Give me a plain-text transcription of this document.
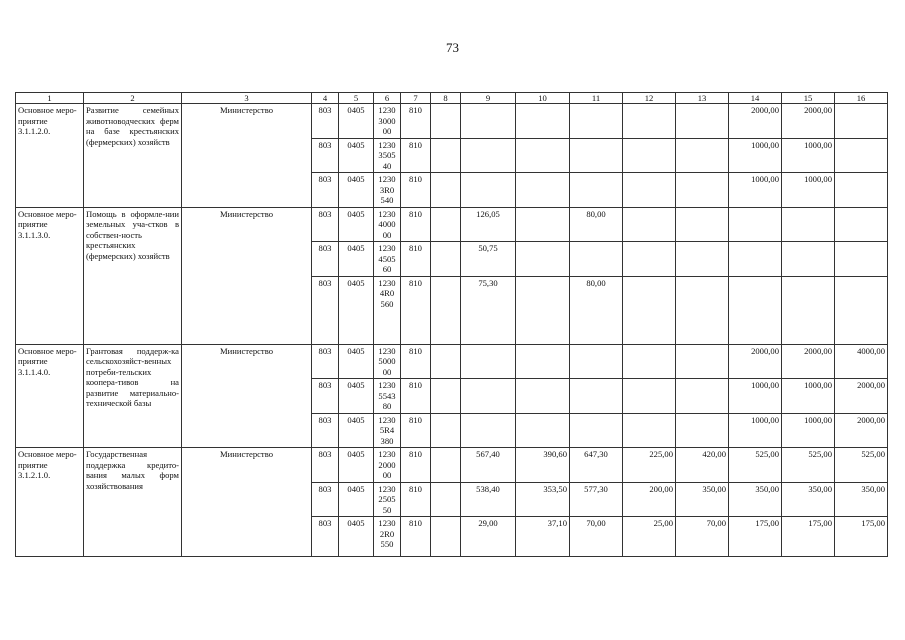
73
1	2	3	4	5	6	7	8	9	10	11	12	13	14	15	16
Основное меро-приятие 3.1.1.2.0.	Развитие семейных животноводческих ферм на базе крестьянских (фермерских) хозяйств	Министерство	803	0405	1230 3000 00	810							2000,00	2000,00	
			803	0405	1230 3505 40	810							1000,00	1000,00	
			803	0405	1230 3R0 540	810							1000,00	1000,00	
Основное меро-приятие 3.1.1.3.0.	Помощь в оформле-нии земельных уча-стков в собствен-ность крестьянских (фермерских) хозяйств	Министерство	803	0405	1230 4000 00	810		126,05		80,00					
			803	0405	1230 4505 60	810		50,75							
			803	0405	1230 4R0 560	810		75,30		80,00					
Основное меро-приятие 3.1.1.4.0.	Грантовая поддерж-ка сельскохозяйст-венных потреби-тельских коопера-тивов на развитие материально-технической базы	Министерство	803	0405	1230 5000 00	810							2000,00	2000,00	4000,00
			803	0405	1230 5543 80	810							1000,00	1000,00	2000,00
			803	0405	1230 5R4 380	810							1000,00	1000,00	2000,00
Основное меро-приятие 3.1.2.1.0.	Государственная поддержка кредито-вания малых форм хозяйствования	Министерство	803	0405	1230 2000 00	810		567,40	390,60	647,30	225,00	420,00	525,00	525,00	525,00
			803	0405	1230 2505 50	810		538,40	353,50	577,30	200,00	350,00	350,00	350,00	350,00
			803	0405	1230 2R0 550	810		29,00	37,10	70,00	25,00	70,00	175,00	175,00	175,00
